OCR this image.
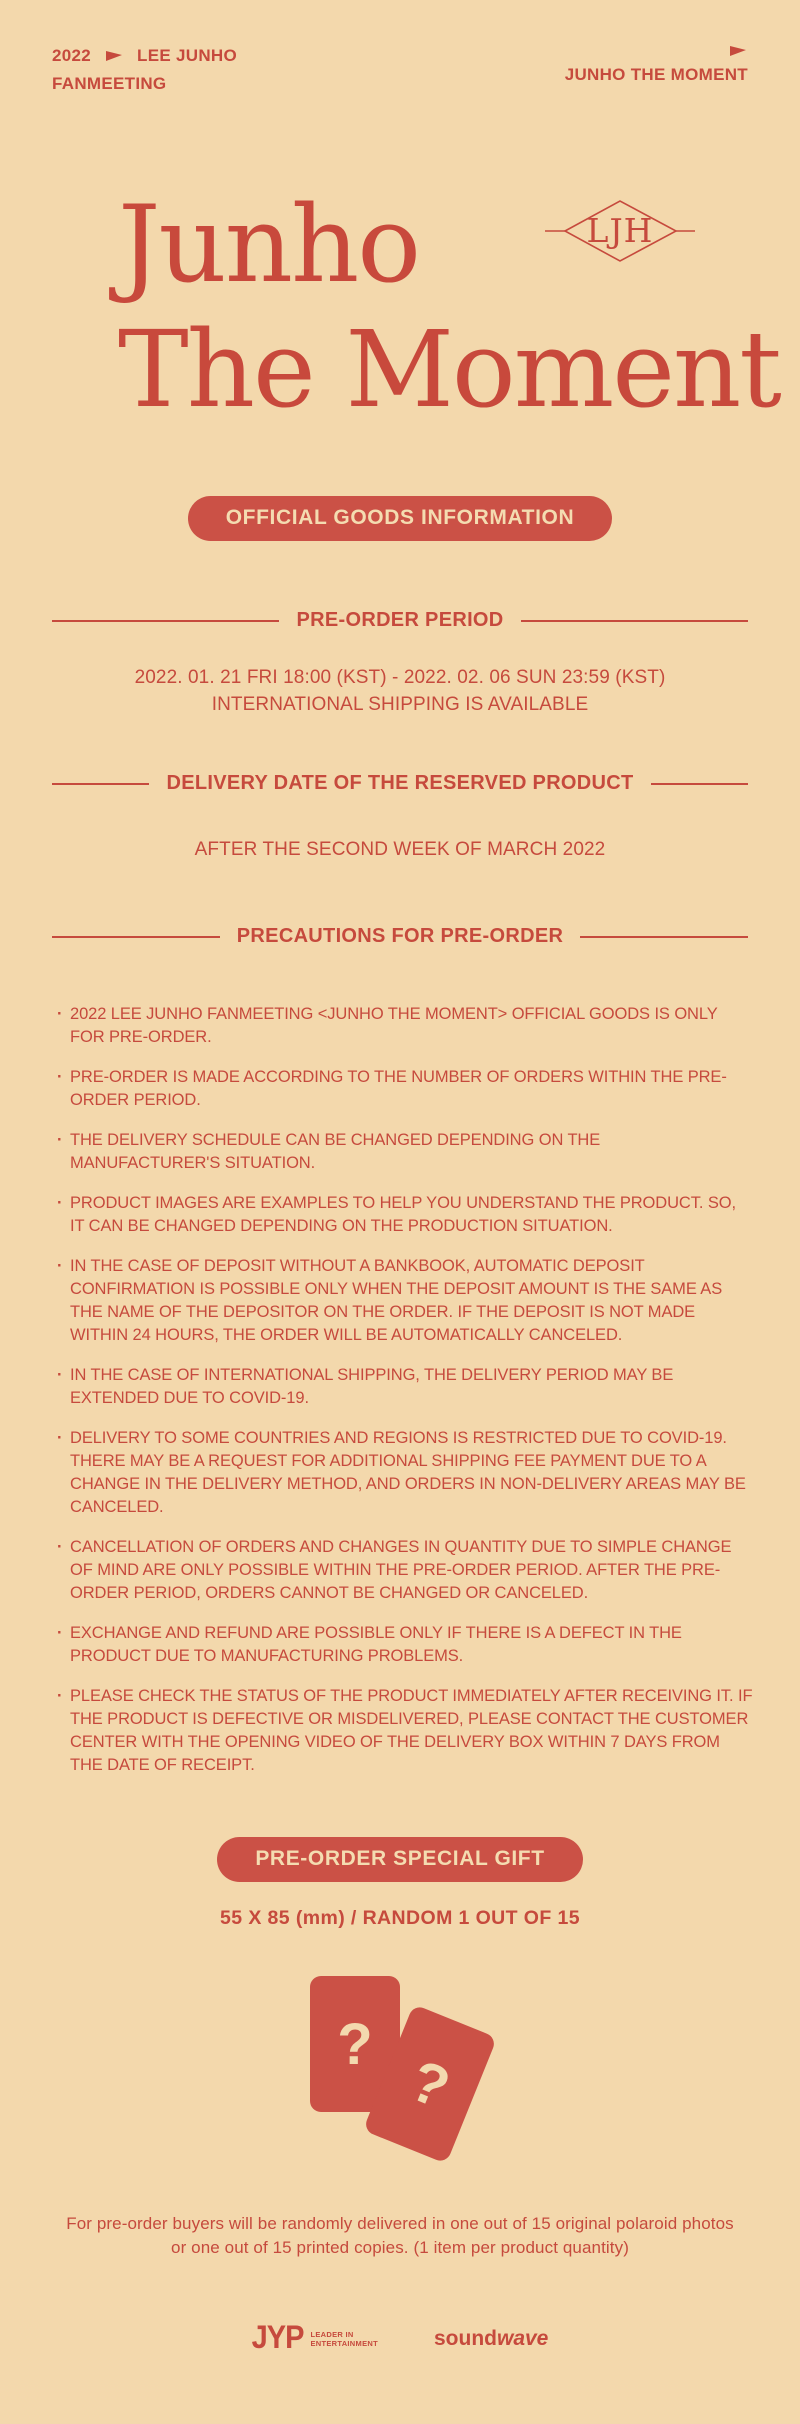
2022	LEE JUNHO
FANMEETING	JUNHO THE MOMENT
Junho
The Moment
LJH
OFFICIAL GOODS INFORMATION
PRE-ORDER PERIOD
2022. 01. 21 FRI 18:00 (KST) - 2022. 02. 06 SUN 23:59 (KST)
INTERNATIONAL SHIPPING IS AVAILABLE
DELIVERY DATE OF THE RESERVED PRODUCT
AFTER THE SECOND WEEK OF MARCH 2022
PRECAUTIONS FOR PRE-ORDER
· 2022 LEE JUNHO FANMEETING <JUNHO THE MOMENT> OFFICIAL GOODS IS ONLY FOR PRE-ORDER.
· PRE-ORDER IS MADE ACCORDING TO THE NUMBER OF ORDERS WITHIN THE PRE-ORDER PERIOD.
· THE DELIVERY SCHEDULE CAN BE CHANGED DEPENDING ON THE MANUFACTURER'S SITUATION.
· PRODUCT IMAGES ARE EXAMPLES TO HELP YOU UNDERSTAND THE PRODUCT. SO, IT CAN BE CHANGED DEPENDING ON THE PRODUCTION SITUATION.
· IN THE CASE OF DEPOSIT WITHOUT A BANKBOOK, AUTOMATIC DEPOSIT CONFIRMATION IS POSSIBLE ONLY WHEN THE DEPOSIT AMOUNT IS THE SAME AS THE NAME OF THE DEPOSITOR ON THE ORDER. IF THE DEPOSIT IS NOT MADE WITHIN 24 HOURS, THE ORDER WILL BE AUTOMATICALLY CANCELED.
· IN THE CASE OF INTERNATIONAL SHIPPING, THE DELIVERY PERIOD MAY BE EXTENDED DUE TO COVID-19.
· DELIVERY TO SOME COUNTRIES AND REGIONS IS RESTRICTED DUE TO COVID-19. THERE MAY BE A REQUEST FOR ADDITIONAL SHIPPING FEE PAYMENT DUE TO A CHANGE IN THE DELIVERY METHOD, AND ORDERS IN NON-DELIVERY AREAS MAY BE CANCELED.
· CANCELLATION OF ORDERS AND CHANGES IN QUANTITY DUE TO SIMPLE CHANGE OF MIND ARE ONLY POSSIBLE WITHIN THE PRE-ORDER PERIOD. AFTER THE PRE-ORDER PERIOD, ORDERS CANNOT BE CHANGED OR CANCELED.
· EXCHANGE AND REFUND ARE POSSIBLE ONLY IF THERE IS A DEFECT IN THE PRODUCT DUE TO MANUFACTURING PROBLEMS.
· PLEASE CHECK THE STATUS OF THE PRODUCT IMMEDIATELY AFTER RECEIVING IT. IF THE PRODUCT IS DEFECTIVE OR MISDELIVERED, PLEASE CONTACT THE CUSTOMER CENTER WITH THE OPENING VIDEO OF THE DELIVERY BOX WITHIN 7 DAYS FROM THE DATE OF RECEIPT.
PRE-ORDER SPECIAL GIFT
55 X 85 (mm) / RANDOM 1 OUT OF 15
?
?
For pre-order buyers will be randomly delivered in one out of 15 original polaroid photos
or one out of 15 printed copies. (1 item per product quantity)
JYP LEADER IN
ENTERTAINMENT	soundwave
